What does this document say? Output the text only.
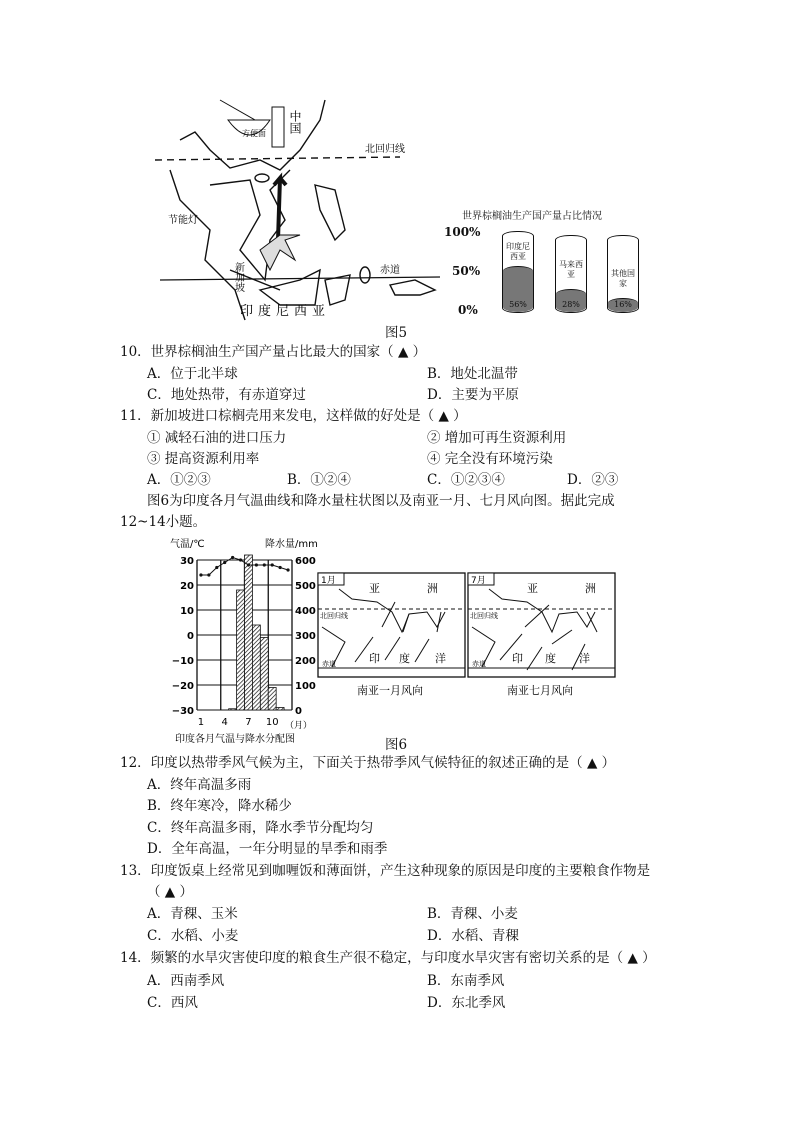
中国
北回归线
赤道
印度尼西亚
节能灯
方便面
新加坡
世界棕榈油生产国产量占比情况
100%
50%
0%
印度尼西亚
56%
马来西亚
28%
其他国家
16%
图5
10．世界棕榈油生产国产量占比最大的国家（ ▲ ）
A．位于北半球	B．地处北温带
C．地处热带，有赤道穿过	D．主要为平原
11．新加坡进口棕榈壳用来发电，这样做的好处是（ ▲ ）
① 减轻石油的进口压力	② 增加可再生资源利用
③ 提高资源利用率	④ 完全没有环境污染
A．①②③	B．①②④	C．①②③④	D．②③
图6为印度各月气温曲线和降水量柱状图以及南亚一月、七月风向图。据此完成
12~14小题。
气温/℃	降水量/mm
印度各月气温与降水分配图
（月）
30	600
20	500
10	400
0	300
−10	200
−20	100
−30	0
1 4 7 10
1月
亚	洲
北回归线
赤道	印 度 洋
南亚一月风向
7月
亚	洲
北回归线
赤道 印 度 洋
南亚七月风向
图6
12．印度以热带季风气候为主，下面关于热带季风气候特征的叙述正确的是（ ▲ ）
A．终年高温多雨
B．终年寒冷，降水稀少
C．终年高温多雨，降水季节分配均匀
D．全年高温，一年分明显的旱季和雨季
13．印度饭桌上经常见到咖喱饭和薄面饼，产生这种现象的原因是印度的主要粮食作物是
（ ▲ ）
A．青稞、玉米	B．青稞、小麦
C．水稻、小麦	D．水稻、青稞
14．频繁的水旱灾害使印度的粮食生产很不稳定，与印度水旱灾害有密切关系的是（ ▲ ）
A．西南季风	B．东南季风
C．西风	D．东北季风
